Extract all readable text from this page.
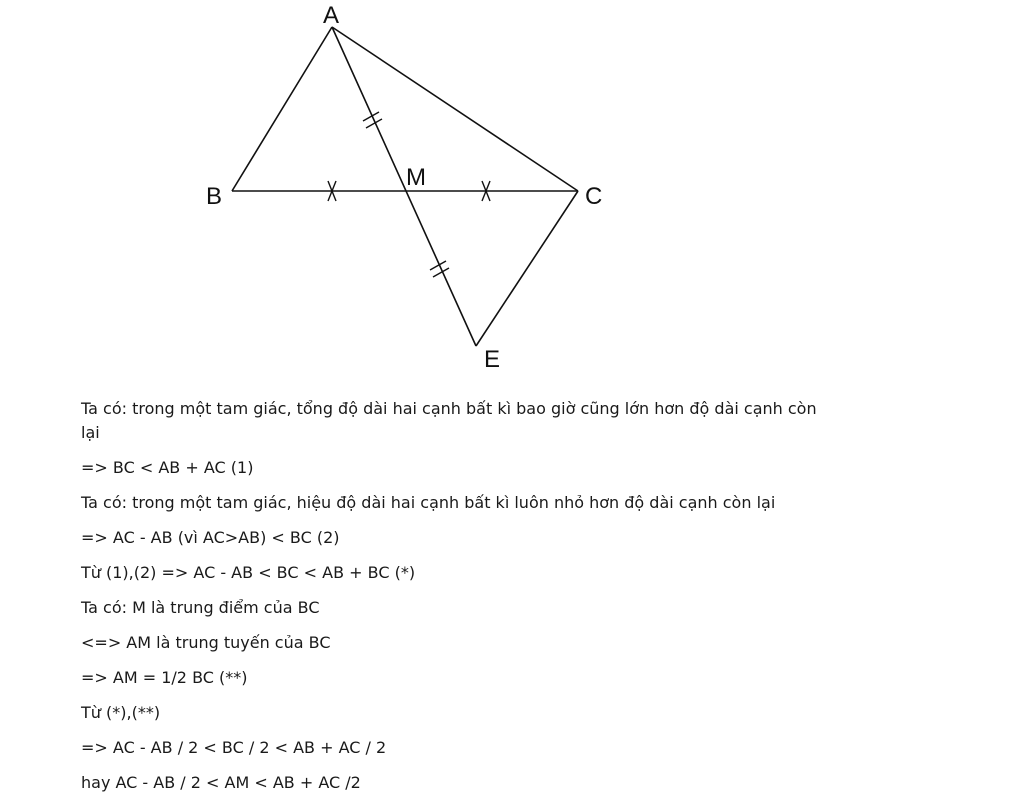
A
B	C
M
E

Ta có: trong một tam giác, tổng độ dài hai cạnh bất kì bao giờ cũng lớn hơn độ dài cạnh còn lại

=> BC < AB + AC (1)

Ta có: trong một tam giác, hiệu độ dài hai cạnh bất kì luôn nhỏ hơn độ dài cạnh còn lại

=> AC - AB (vì AC>AB) < BC (2)

Từ (1),(2) => AC - AB < BC < AB + BC (*)

Ta có: M là trung điểm của BC

<=> AM là trung tuyến của BC

=> AM = 1/2 BC (**)

Từ (*),(**)

=> AC - AB / 2 < BC / 2 < AB + AC / 2

hay AC - AB / 2 < AM < AB + AC /2
